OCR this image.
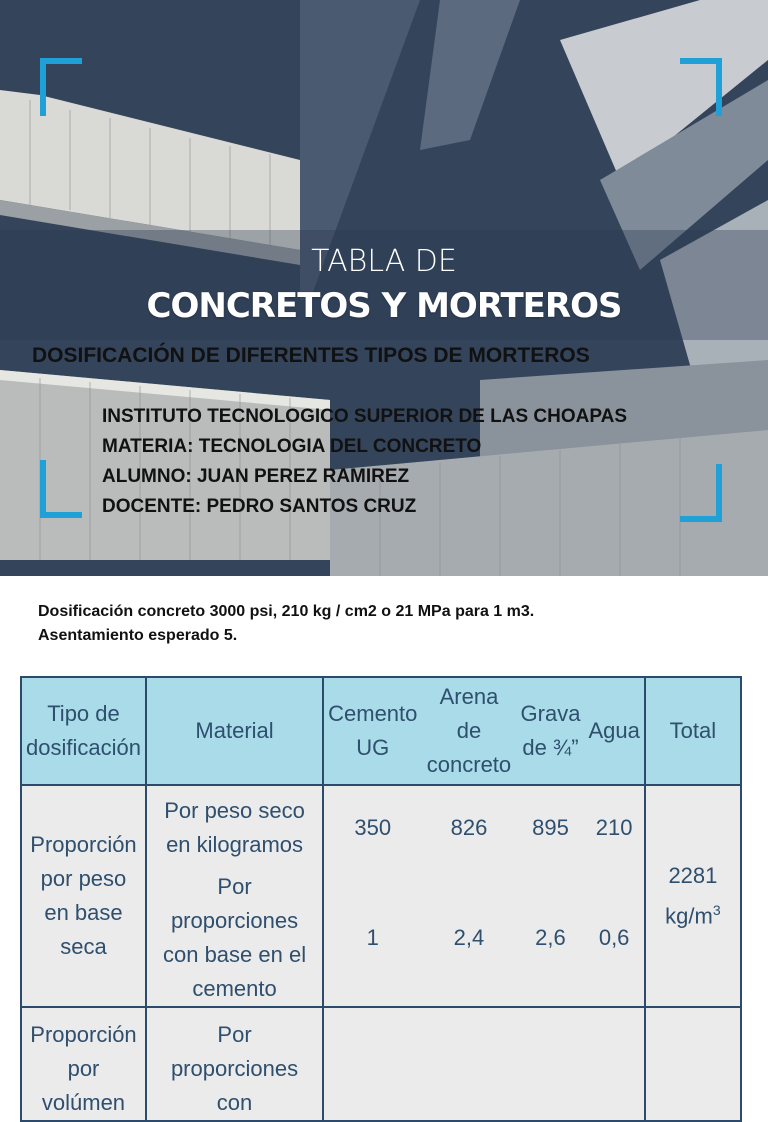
TABLA DE
CONCRETOS Y MORTEROS
DOSIFICACIÓN DE DIFERENTES TIPOS DE MORTEROS
INSTITUTO TECNOLOGICO SUPERIOR DE LAS CHOAPAS
MATERIA: TECNOLOGIA DEL CONCRETO
ALUMNO: JUAN PEREZ RAMIREZ
DOCENTE: PEDRO SANTOS CRUZ
Dosificación concreto 3000 psi, 210 kg / cm2 o 21 MPa para 1 m3.
Asentamiento esperado 5.
Tipo de dosificación	Material	Cemento UG	Arena de concreto	Grava de ¾”	Agua	Total
Proporción por peso en base seca	Por peso seco en kilogramos	350	826	895	210	2281 $kg/m^3$
	Por proporciones con base en el cemento	1	2,4	2,6	0,6	
Proporción por volúmen	Por proporciones con					
